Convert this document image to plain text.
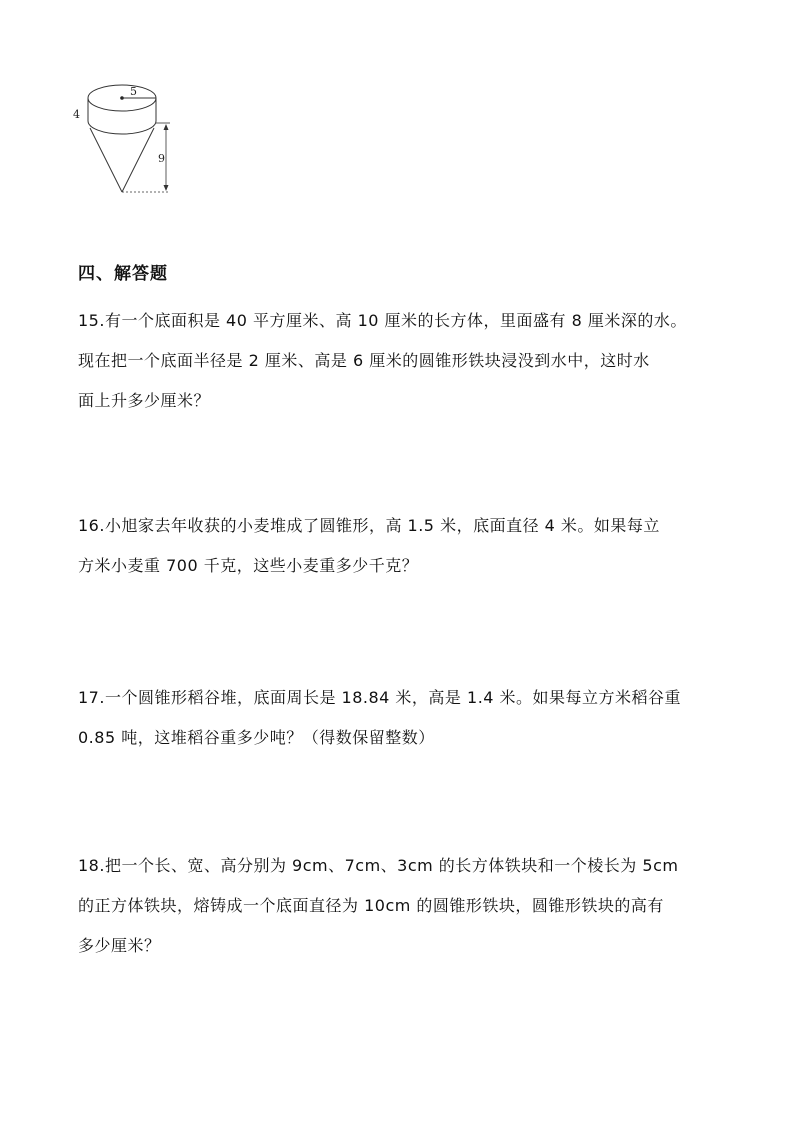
5
4
9
四、解答题

15.有一个底面积是 40 平方厘米、高 10 厘米的长方体，里面盛有 8 厘米深的水。
现在把一个底面半径是 2 厘米、高是 6 厘米的圆锥形铁块浸没到水中，这时水
面上升多少厘米？

16.小旭家去年收获的小麦堆成了圆锥形，高 1.5 米，底面直径 4 米。如果每立
方米小麦重 700 千克，这些小麦重多少千克？

17.一个圆锥形稻谷堆，底面周长是 18.84 米，高是 1.4 米。如果每立方米稻谷重
0.85 吨，这堆稻谷重多少吨？（得数保留整数）

18.把一个长、宽、高分别为 9cm、7cm、3cm 的长方体铁块和一个棱长为 5cm
的正方体铁块，熔铸成一个底面直径为 10cm 的圆锥形铁块，圆锥形铁块的高有
多少厘米？
